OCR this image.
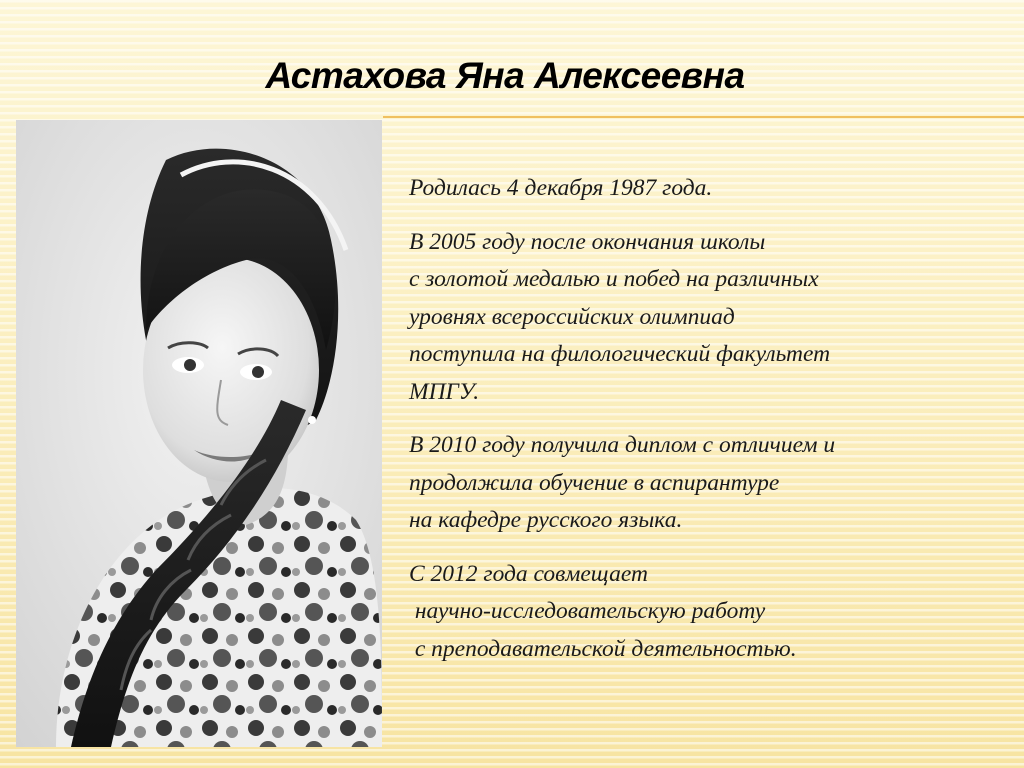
Астахова Яна Алексеевна

Родилась 4 декабря 1987 года.

В 2005 году после окончания школы
с золотой медалью и побед на различных
уровнях всероссийских олимпиад
поступила на филологический факультет
МПГУ.

В 2010 году получила диплом с отличием и
продолжила обучение в аспирантуре
на кафедре русского языка.

С 2012 года совмещает
научно-исследовательскую работу
с преподавательской деятельностью.
